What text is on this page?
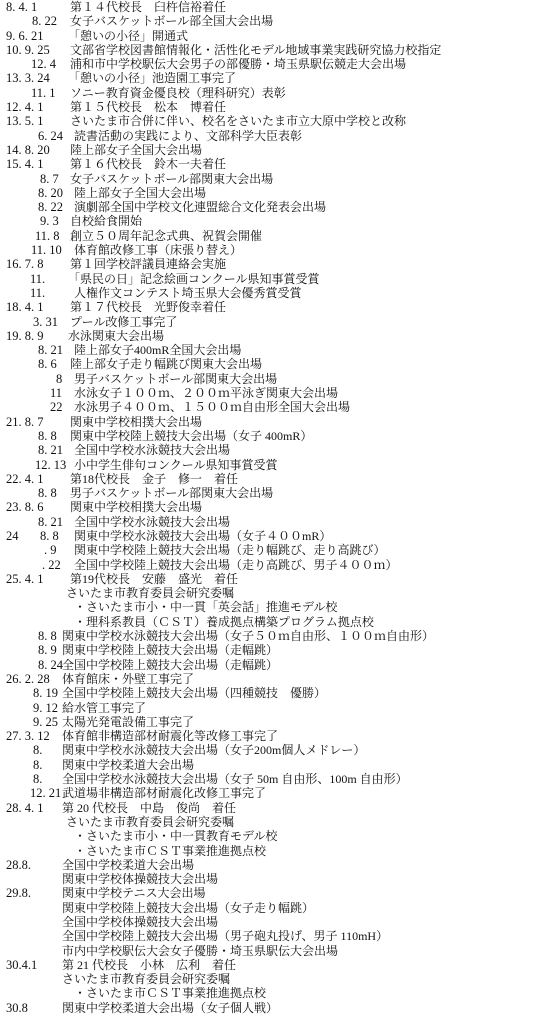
8. 4. 1	第１４代校長　臼杵信裕着任
8. 22 女子バスケットボール部全国大会出場
9. 6. 21 「憩いの小径」開通式
10. 9. 25 文部省学校図書館情報化・活性化モデル地域事業実践研究協力校指定
12. 4 浦和市中学校駅伝大会男子の部優勝・埼玉県駅伝競走大会出場
13. 3. 24 「憩いの小径」池造園工事完了
11. 1 ソニー教育資金優良校（理科研究）表彰
12. 4. 1 第１５代校長　松本　博着任
13. 5. 1 さいたま市合併に伴い、校名をさいたま市立大原中学校と改称
6. 24 読書活動の実践により、文部科学大臣表彰
14. 8. 20 陸上部女子全国大会出場
15. 4. 1 第１６代校長　鈴木一夫着任
8. 7 女子バスケットボール部関東大会出場
8. 20 陸上部女子全国大会出場
8. 22 演劇部全国中学校文化連盟総合文化発表会出場
9. 3 自校給食開始
11. 8 創立５０周年記念式典、祝賀会開催
11. 10 体育館改修工事（床張り替え）
16. 7. 8 第１回学校評議員連絡会実施
11. 「県民の日」記念絵画コンクール県知事賞受賞
11. 人権作文コンテスト埼玉県大会優秀賞受賞
18. 4. 1 第１７代校長　光野俊幸着任
3. 31 プール改修工事完了
19. 8. 9 水泳関東大会出場
8. 21 陸上部女子400mR全国大会出場
8. 6 陸上部女子走り幅跳び関東大会出場
8 男子バスケットボール部関東大会出場
11 水泳女子１００ｍ、２００ｍ平泳ぎ関東大会出場
22 水泳男子４００ｍ、１５００ｍ自由形全国大会出場
21. 8. 7 関東中学校相撲大会出場
8. 8 関東中学校陸上競技大会出場（女子 400mR）
8. 21 全国中学校水泳競技大会出場
12. 13 小中学生俳句コンクール県知事賞受賞
22. 4. 1 第18代校長　金子　修一　着任
8. 8 男子バスケットボール部関東大会出場
23. 8. 6 関東中学校相撲大会出場
8. 21 全国中学校水泳競技大会出場
24 8. 8 関東中学校水泳競技大会出場（女子４００mR）
. 9 関東中学校陸上競技大会出場（走り幅跳び、走り高跳び）
. 22 全国中学校陸上競技大会出場（走り高跳び、男子４００ｍ）
25. 4. 1 第19代校長　安藤　盛光　着任
さいたま市教育委員会研究委嘱
・さいたま市小・中一貫「英会話」推進モデル校
・理科系教員（ＣＳＴ）養成拠点構築プログラム拠点校
8. 8 関東中学校水泳競技大会出場（女子５０ｍ自由形、１００ｍ自由形）
8. 9 関東中学校陸上競技大会出場（走幅跳）
8. 24 全国中学校陸上競技大会出場（走幅跳）
26. 2. 28 体育館床・外壁工事完了
8. 19 全国中学校陸上競技大会出場（四種競技　優勝）
9. 12 給水管工事完了
9. 25 太陽光発電設備工事完了
27. 3. 12 体育館非構造部材耐震化等改修工事完了
8. 関東中学校水泳競技大会出場（女子200m個人メドレー）
8. 関東中学校柔道大会出場
8. 全国中学校水泳競技大会出場（女子 50m 自由形、100m 自由形）
12. 21 武道場非構造部材耐震化改修工事完了
28. 4. 1 第 20 代校長　中島　俊尚　着任
さいたま市教育委員会研究委嘱
・さいたま市小・中一貫教育モデル校
・さいたま市ＣＳＴ事業推進拠点校
28.8.	全国中学校柔道大会出場
関東中学校体操競技大会出場
29.8.	関東中学校テニス大会出場
関東中学校陸上競技大会出場（女子走り幅跳）
全国中学校体操競技大会出場
全国中学校陸上競技大会出場（男子砲丸投げ、男子 110mH）
市内中学校駅伝大会女子優勝・埼玉県駅伝大会出場
30.4.1 第 21 代校長　小林　広利　着任
さいたま市教育委員会研究委嘱
・さいたま市ＣＳＴ事業推進拠点校
30.8	関東中学校柔道大会出場（女子個人戦）
